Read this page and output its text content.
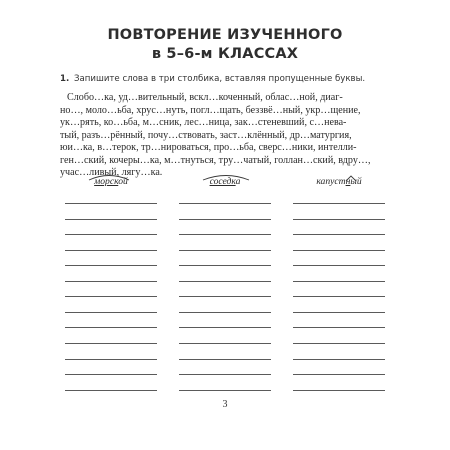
ПОВТОРЕНИЕ ИЗУЧЕННОГО
в 5–6-м КЛАССАХ
1. Запишите слова в три столбика, вставляя пропущенные буквы.
Слобо…ка, уд…вительный, вскл…коченный, облас…ной, диаг-
но…, моло…ьба, хрус…нуть, погл…щать, беззвё…ный, укр…щение,
ук…рять, ко…ьба, м…сник, лес…ница, зак…стеневший, с…нева-
тый, разъ…рённый, почу…ствовать, заст…клённый, др…матургия,
юи…ка, в…терок, тр…нироваться, про…ьба, сверс…ники, интелли-
ген…ский, кочеры…ка, м…тнуться, тру…чатый, голлан…ский, вдру…,
учас…ливый, лягу…ка.
морской	соседка	капустный
3
